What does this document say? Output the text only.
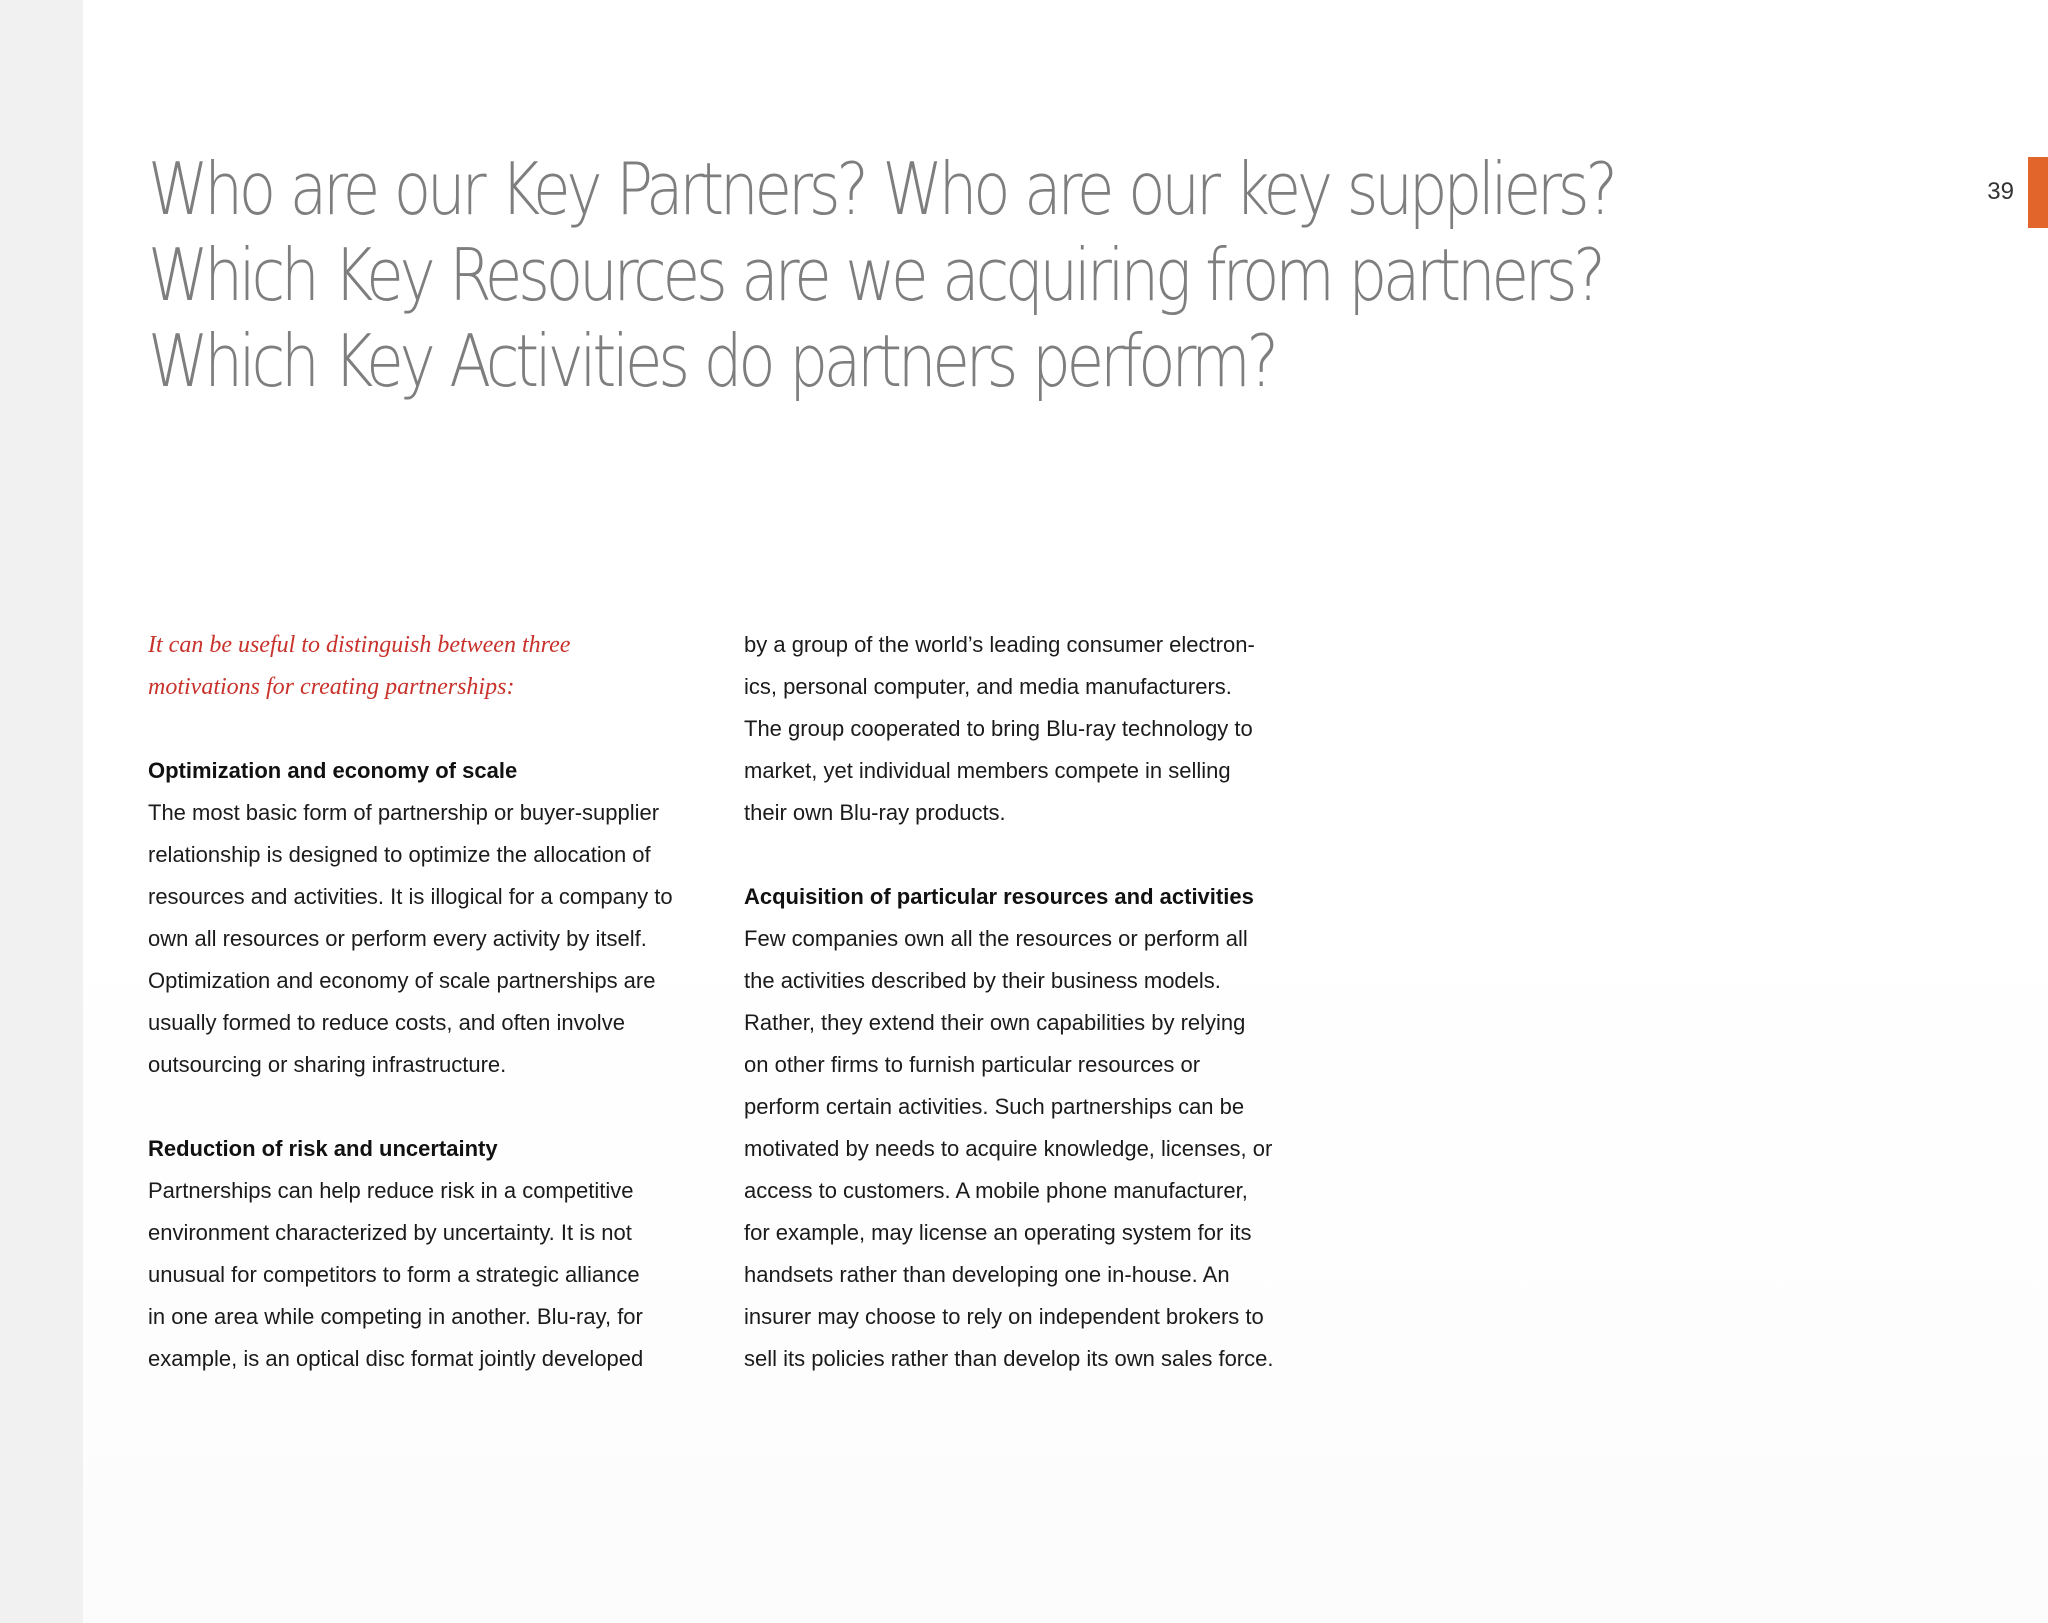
Who are our Key Partners? Who are our key suppliers?
Which Key Resources are we acquiring from partners?
Which Key Activities do partners perform?
39

It can be useful to distinguish between three

motivations for creating partnerships:

Optimization and economy of scale

The most basic form of partnership or buyer-supplier

relationship is designed to optimize the allocation of

resources and activities. It is illogical for a company to

own all resources or perform every activity by itself.

Optimization and economy of scale partnerships are

usually formed to reduce costs, and often involve

outsourcing or sharing infrastructure.

Reduction of risk and uncertainty

Partnerships can help reduce risk in a competitive

environment characterized by uncertainty. It is not

unusual for competitors to form a strategic alliance

in one area while competing in another. Blu-ray, for

example, is an optical disc format jointly developed

by a group of the world’s leading consumer electron-

ics, personal computer, and media manufacturers.

The group cooperated to bring Blu-ray technology to

market, yet individual members compete in selling

their own Blu-ray products.

Acquisition of particular resources and activities

Few companies own all the resources or perform all

the activities described by their business models.

Rather, they extend their own capabilities by relying

on other firms to furnish particular resources or

perform certain activities. Such partnerships can be

motivated by needs to acquire knowledge, licenses, or

access to customers. A mobile phone manufacturer,

for example, may license an operating system for its

handsets rather than developing one in-house. An

insurer may choose to rely on independent brokers to

sell its policies rather than develop its own sales force.
